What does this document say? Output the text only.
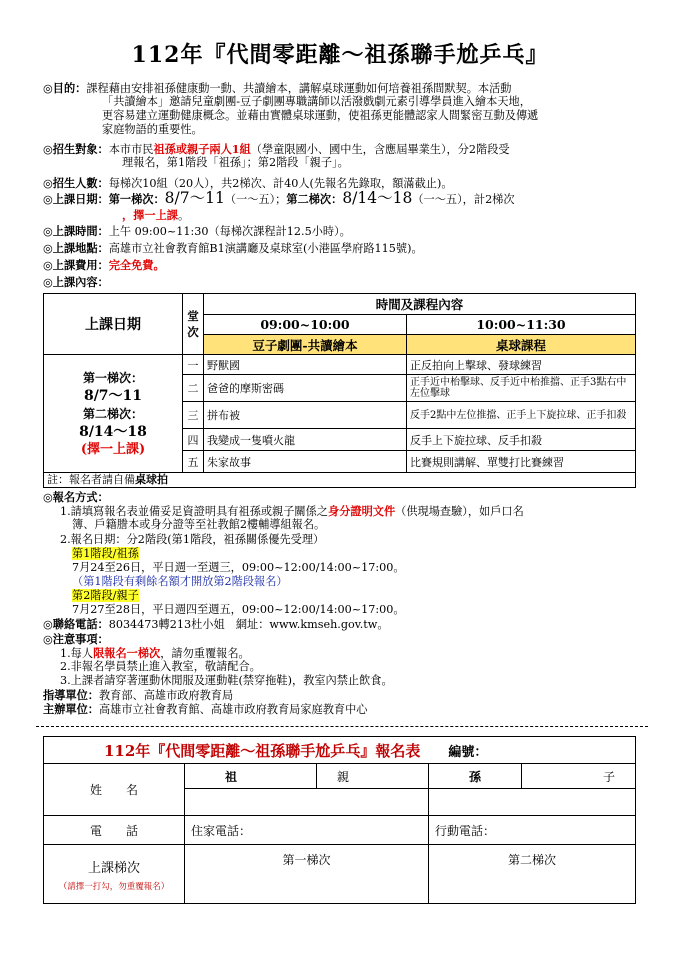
112年『代間零距離～祖孫聯手尬乒乓』
◎目的：課程藉由安排祖孫健康動一動、共讀繪本，講解桌球運動如何培養祖孫間默契。本活動
「共讀繪本」邀請兒童劇團-豆子劇團專職講師以活潑戲劇元素引導學員進入繪本天地，
更容易建立運動健康概念。並藉由實體桌球運動，使祖孫更能體認家人間緊密互動及傳遞
家庭物語的重要性。
◎招生對象：本市市民祖孫或親子兩人1組（學童限國小、國中生，含應屆畢業生），分2階段受
理報名，第1階段「祖孫」；第2階段「親子」。
◎招生人數：每梯次10組（20人），共2梯次、計40人(先報名先錄取，額滿截止)。
◎上課日期：第一梯次：8/7～11（一～五）；第二梯次：8/14～18（一～五），計2梯次
，擇一上課。
◎上課時間：上午 09:00~11:30（每梯次課程計12.5小時）。
◎上課地點：高雄市立社會教育館B1演講廳及桌球室(小港區學府路115號)。
◎上課費用：完全免費。
◎上課內容：
上課日期	堂次	時間及課程內容	
		09:00~10:00	10:00~11:30
		豆子劇團-共讀繪本	桌球課程

第一梯次：
8/7～11
第二梯次：
8/14～18
(擇一上課)	一	野獸國	正反拍向上擊球、發球練習
	二	爸爸的摩斯密碼	正手近中枱擊球、反手近中枱推擋、正手3點右中左位擊球
	三	拼布被	反手2點中左位推擋、正手上下旋拉球、正手扣殺
	四	我變成一隻噴火龍	反手上下旋拉球、反手扣殺
	五	朱家故事	比賽規則講解、單雙打比賽練習
註：報名者請自備桌球拍
◎報名方式：
1.請填寫報名表並備妥足資證明具有祖孫或親子關係之身分證明文件（供現場查驗），如戶口名
簿、戶籍謄本或身分證等至社教館2樓輔導組報名。
2.報名日期：分2階段(第1階段，祖孫關係優先受理）
第1階段/祖孫
7月24至26日，平日週一至週三，09:00~12:00/14:00~17:00。
（第1階段有剩餘名額才開放第2階段報名）
第2階段/親子
7月27至28日，平日週四至週五，09:00~12:00/14:00~17:00。
◎聯絡電話：8034473轉213杜小姐　網址：www.kmseh.gov.tw。
◎注意事項：
1.每人限報名一梯次，請勿重覆報名。
2.非報名學員禁止進入教室，敬請配合。
3.上課者請穿著運動休閒服及運動鞋(禁穿拖鞋)，教室內禁止飲食。
指導單位：教育部、高雄市政府教育局
主辦單位：高雄市立社會教育館、高雄市政府教育局家庭教育中心
112年『代間零距離～祖孫聯手尬乒乓』報名表 編號：				
姓　　名	祖	親	孫	子

電　　話	住家電話：		行動電話：	

上課梯次
（請擇一打勾，勿重覆報名）	第一梯次		第二梯次	
